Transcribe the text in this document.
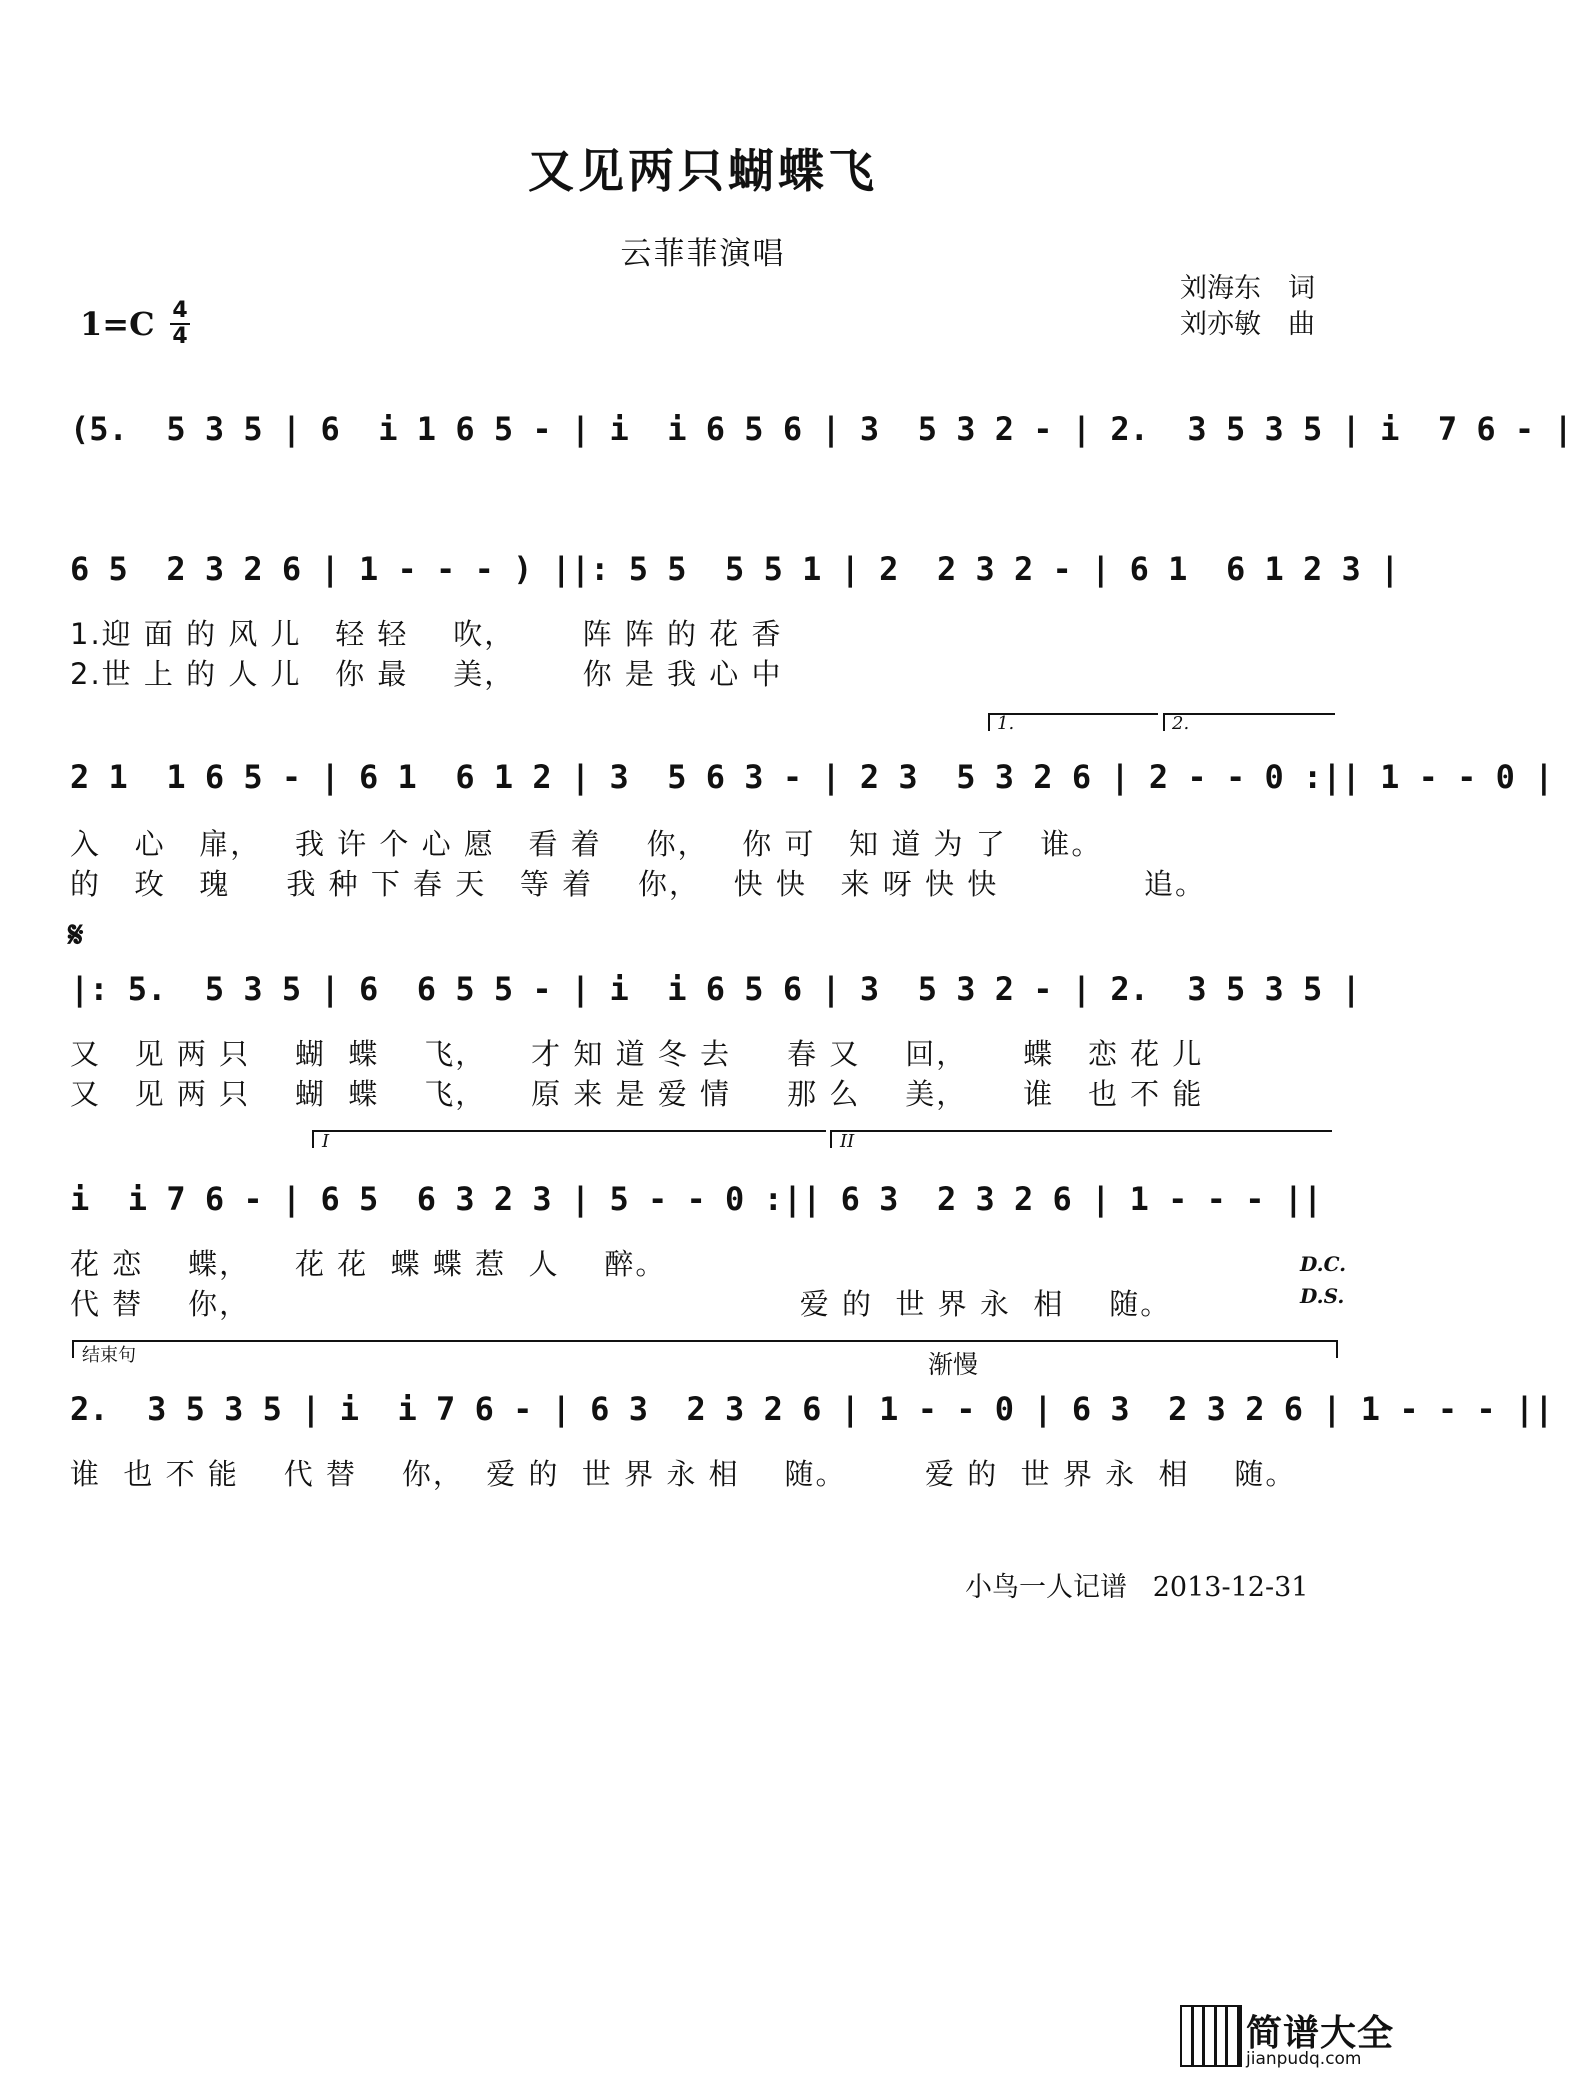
又见两只蝴蝶飞
云菲菲演唱
刘海东　词
刘亦敏　曲
1=C 4
4
(5.  5 3 5 | 6  i 1 6 5 - | i  i 6 5 6 | 3  5 3 2 - | 2.  3 5 3 5 | i  7 6 - |
6 5  2 3 2 6 | 1 - - - ) ||: 5 5  5 5 1 | 2  2 3 2 - | 6 1  6 1 2 3 |
1.迎 面 的 风 儿   轻 轻    吹，      阵 阵 的 花 香
2.世 上 的 人 儿   你 最    美，      你 是 我 心 中
1.	2.
2 1  1 6 5 - | 6 1  6 1 2 | 3  5 6 3 - | 2 3  5 3 2 6 | 2 - - 0 :|| 1 - - 0 |
入   心   扉，   我 许 个 心 愿   看 着    你，   你 可   知 道 为 了   谁。
的   玫   瑰     我 种 下 春 天   等 着    你，   快 快   来 呀 快 快             追。
𝄋
|: 5.  5 3 5 | 6  6 5 5 - | i  i 6 5 6 | 3  5 3 2 - | 2.  3 5 3 5 |
又   见 两 只    蝴  蝶    飞，    才 知 道 冬 去     春 又    回，     蝶   恋 花 儿
又   见 两 只    蝴  蝶    飞，    原 来 是 爱 情     那 么    美，     谁   也 不 能
I	II
i  i 7 6 - | 6 5  6 3 2 3 | 5 - - 0 :|| 6 3  2 3 2 6 | 1 - - - ||
花 恋    蝶，    花 花  蝶 蝶 惹  人    醉。
代 替    你，                                                 爱 的  世 界 永  相    随。
D.C.
D.S.
结束句	渐慢
2.  3 5 3 5 | i  i 7 6 - | 6 3  2 3 2 6 | 1 - - 0 | 6 3  2 3 2 6 | 1 - - - ||
谁  也 不 能    代 替    你，  爱 的  世 界 永 相    随。       爱 的  世 界 永  相    随。
小鸟一人记谱   2013-12-31
简谱大全
jianpudq.com
